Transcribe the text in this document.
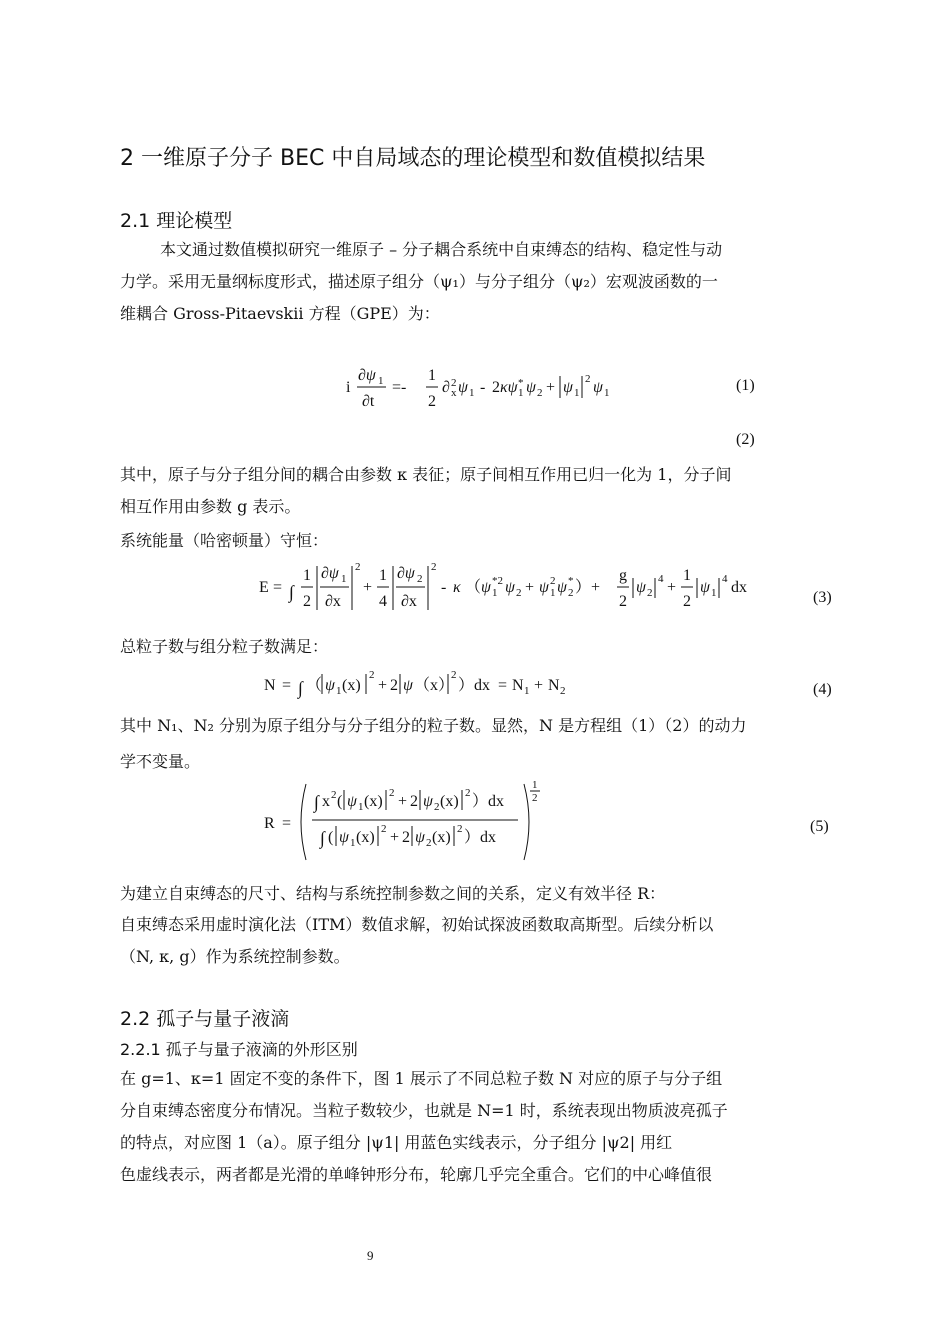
2 一维原子分子 BEC 中自局域态的理论模型和数值模拟结果
2.1 理论模型
本文通过数值模拟研究一维原子 – 分子耦合系统中自束缚态的结构、稳定性与动
力学。采用无量纲标度形式，描述原子组分（ψ₁）与分子组分（ψ₂）宏观波函数的一
维耦合 Gross-Pitaevskii 方程（GPE）为：
i
∂ψ 1
∂t
=-
1
2
∂ 2
x ψ 1 - 2 κψ *
1 ψ 2 + ψ 1
2 ψ 1	(1)
(2)
其中，原子与分子组分间的耦合由参数 κ 表征；原子间相互作用已归一化为 1，分子间
相互作用由参数 g 表示。
系统能量（哈密顿量）守恒：
E = ∫
1
2
∂ψ 1
∂x
2
+
1
4
∂ψ 2
∂x
2
- κ （ ψ *2
1 ψ 2 + ψ 2
1 ψ *
2 ）+
g
2
ψ 2
4 +
1
2
ψ 1
4 dx
(3)
总粒子数与组分粒子数满足：
N = ∫ （ ψ 1 (x)
2
+ 2 ψ （x）
2
）dx = N 1 + N 2	(4)
其中 N₁、N₂ 分别为原子组分与分子组分的粒子数。显然，N 是方程组（1）（2）的动力
学不变量。
R =
∫ x 2 ( ψ 1 (x) 2 + 2 ψ 2 (x) 2 ）dx
∫ ( ψ 1 (x) 2 + 2 ψ 2 (x) 2 ）dx
1
2
(5)
为建立自束缚态的尺寸、结构与系统控制参数之间的关系，定义有效半径 R：
自束缚态采用虚时演化法（ITM）数值求解，初始试探波函数取高斯型。后续分析以
（N, κ, g）作为系统控制参数。
2.2 孤子与量子液滴
2.2.1 孤子与量子液滴的外形区别
在 g=1、κ=1 固定不变的条件下，图 1 展示了不同总粒子数 N 对应的原子与分子组
分自束缚态密度分布情况。当粒子数较少，也就是 N=1 时，系统表现出物质波亮孤子
的特点，对应图 1（a）。原子组分 |ψ1| 用蓝色实线表示，分子组分 |ψ2| 用红
色虚线表示，两者都是光滑的单峰钟形分布，轮廓几乎完全重合。它们的中心峰值很
9
